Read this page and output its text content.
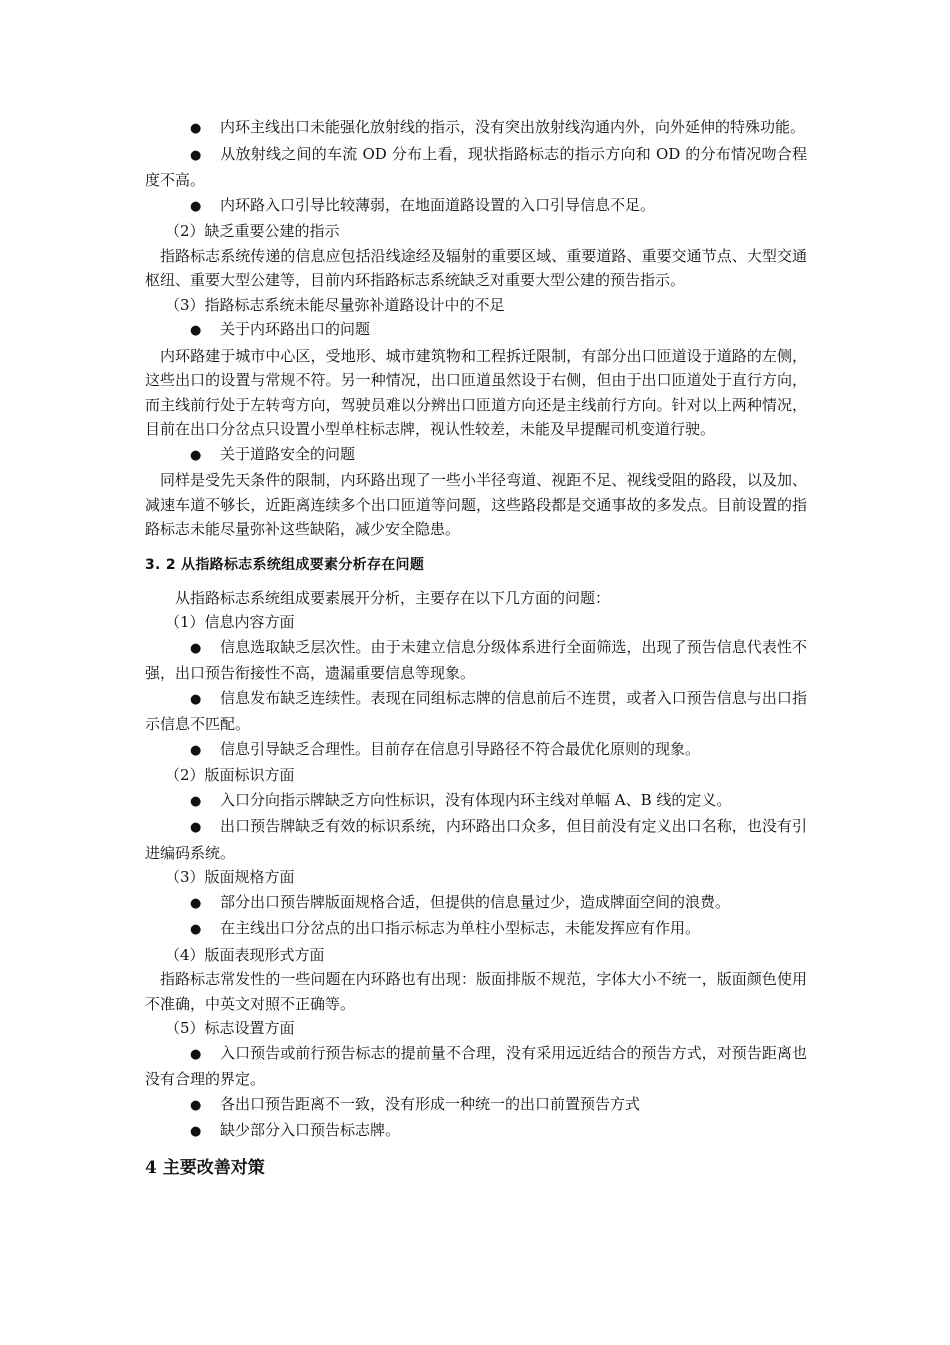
● 内环主线出口未能强化放射线的指示，没有突出放射线沟通内外，向外延伸的特殊功能。

● 从放射线之间的车流 OD 分布上看，现状指路标志的指示方向和 OD 的分布情况吻合程度不高。

● 内环路入口引导比较薄弱，在地面道路设置的入口引导信息不足。

（2）缺乏重要公建的指示

指路标志系统传递的信息应包括沿线途经及辐射的重要区域、重要道路、重要交通节点、大型交通枢纽、重要大型公建等，目前内环指路标志系统缺乏对重要大型公建的预告指示。

（3）指路标志系统未能尽量弥补道路设计中的不足

● 关于内环路出口的问题

内环路建于城市中心区，受地形、城市建筑物和工程拆迁限制，有部分出口匝道设于道路的左侧，这些出口的设置与常规不符。另一种情况，出口匝道虽然设于右侧，但由于出口匝道处于直行方向，而主线前行处于左转弯方向，驾驶员难以分辨出口匝道方向还是主线前行方向。针对以上两种情况，目前在出口分岔点只设置小型单柱标志牌，视认性较差，未能及早提醒司机变道行驶。

● 关于道路安全的问题

同样是受先天条件的限制，内环路出现了一些小半径弯道、视距不足、视线受阻的路段，以及加、减速车道不够长，近距离连续多个出口匝道等问题，这些路段都是交通事故的多发点。目前设置的指路标志未能尽量弥补这些缺陷，减少安全隐患。

3. 2 从指路标志系统组成要素分析存在问题

从指路标志系统组成要素展开分析，主要存在以下几方面的问题：

（1）信息内容方面

● 信息选取缺乏层次性。由于未建立信息分级体系进行全面筛选，出现了预告信息代表性不强，出口预告衔接性不高，遗漏重要信息等现象。

● 信息发布缺乏连续性。表现在同组标志牌的信息前后不连贯，或者入口预告信息与出口指示信息不匹配。

● 信息引导缺乏合理性。目前存在信息引导路径不符合最优化原则的现象。

（2）版面标识方面

● 入口分向指示牌缺乏方向性标识，没有体现内环主线对单幅 A、B 线的定义。

● 出口预告牌缺乏有效的标识系统，内环路出口众多，但目前没有定义出口名称，也没有引进编码系统。

（3）版面规格方面

● 部分出口预告牌版面规格合适，但提供的信息量过少，造成牌面空间的浪费。

● 在主线出口分岔点的出口指示标志为单柱小型标志，未能发挥应有作用。

（4）版面表现形式方面

指路标志常发性的一些问题在内环路也有出现：版面排版不规范，字体大小不统一，版面颜色使用不准确，中英文对照不正确等。

（5）标志设置方面

● 入口预告或前行预告标志的提前量不合理，没有采用远近结合的预告方式，对预告距离也没有合理的界定。

● 各出口预告距离不一致，没有形成一种统一的出口前置预告方式

● 缺少部分入口预告标志牌。

4 主要改善对策
